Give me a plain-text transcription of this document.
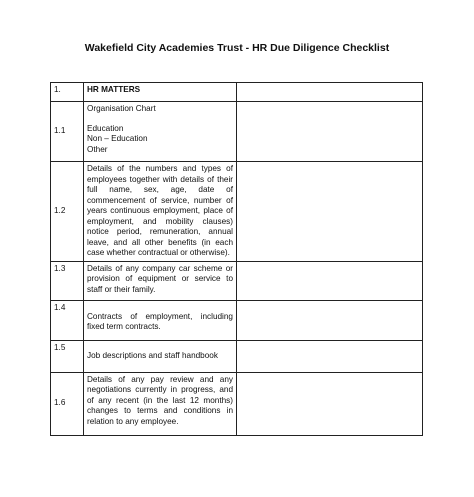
Wakefield City Academies Trust - HR Due Diligence Checklist
1.	HR MATTERS	

1.1	Organisation Chart
Education
Non – Education
Other	

1.2	Details of the numbers and types of employees together with details of their full name, sex, age, date of commencement of service, number of years continuous employment, place of employment, and mobility clauses) notice period, remuneration, annual leave, and all other benefits (in each case whether contractual or otherwise).	
1.3	Details of any company car scheme or provision of equipment or service to staff or their family.	
1.4	Contracts of employment, including fixed term contracts.	
1.5	Job descriptions and staff handbook	

1.6	Details of any pay review and any negotiations currently in progress, and of any recent (in the last 12 months) changes to terms and conditions in relation to any employee.	
